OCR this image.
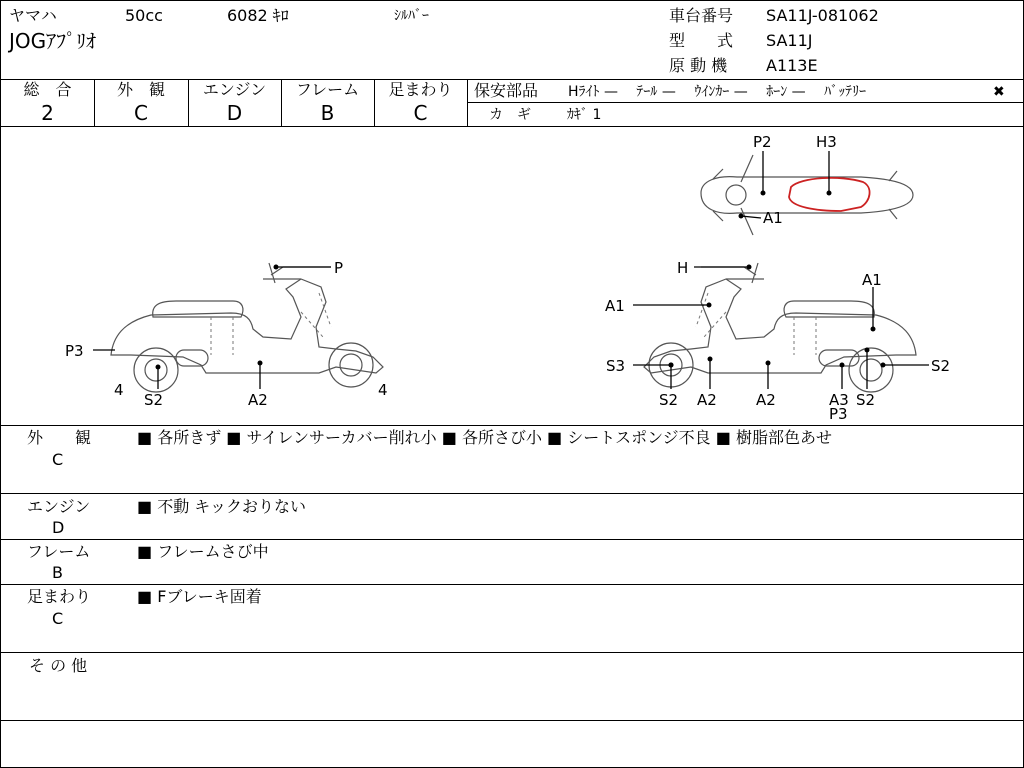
ヤマハ	50cc	6082 ｷﾛ	ｼﾙﾊﾞｰ
JOGｱﾌﾟﾘｵ
車台番号 SA11J-081062
型　　式 SA11J
原 動 機 A113E
総　合
2
外　観
C
エンジン
D
フレーム
B
足まわり
C
保安部品 Hﾗｲﾄ —　 ﾃｰﾙ —　 ｳｲﾝｶｰ —　 ﾎｰﾝ —　 ﾊﾞｯﾃﾘｰ	✖
カ　ギ	ｶｷﾞ 1
P
P3
S2	A2
4	4
P2	H3
A1
H
A1
A1
S3
S2 A2	A2	A3
P3
S2
S2
外　　観
C
■ 各所きず ■ サイレンサーカバー削れ小 ■ 各所さび小 ■ シートスポンジ不良 ■ 樹脂部色あせ
エンジン
D
■ 不動 キックおりない
フレーム
B
■ フレームさび中
足まわり
C
■ Fブレーキ固着
そ の 他
